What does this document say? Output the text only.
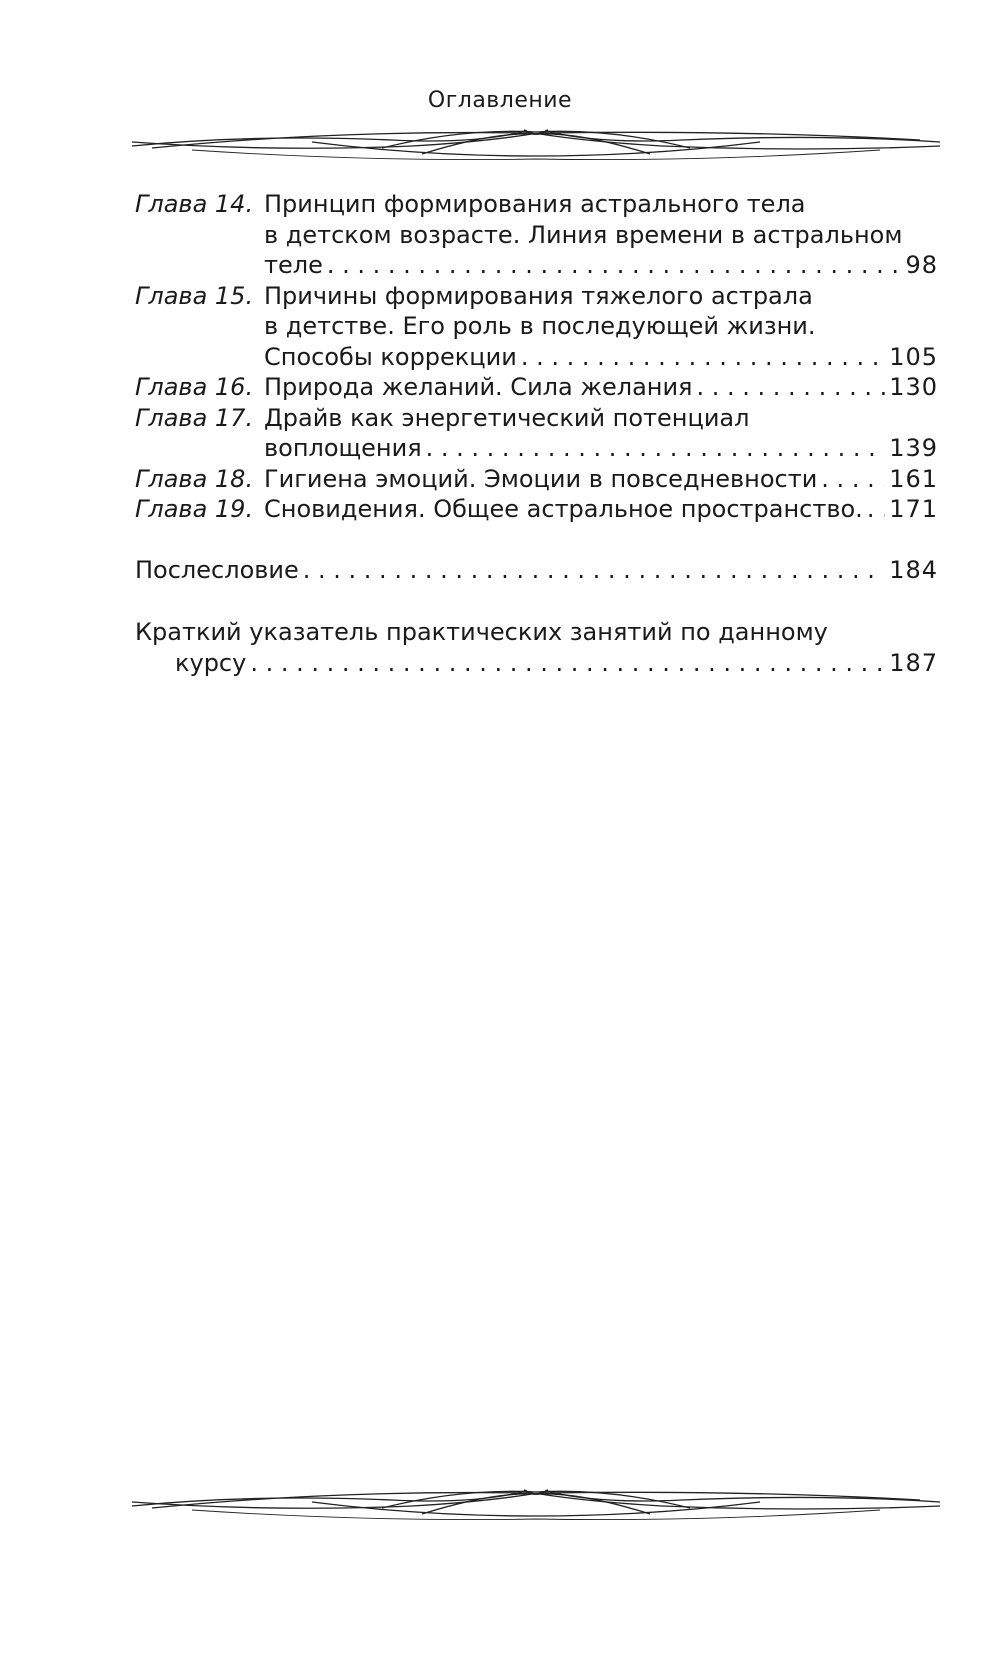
Оглавление
Глава 14. Принцип формирования астрального тела
в детском возрасте. Линия времени в астральном
теле . . .	98
Глава 15. Причины формирования тяжелого астрала
в детстве. Его роль в последующей жизни.
Способы коррекции . . .	105
Глава 16. Природа желаний. Сила желания . . .	130
Глава 17. Драйв как энергетический потенциал
воплощения . . .	139
Глава 18. Гигиена эмоций. Эмоции в повседневности . . .	161
Глава 19. Сновидения. Общее астральное пространство. . . . 171
Послесловие . . .	184
Краткий указатель практических занятий по данному
курсу . . .	187
